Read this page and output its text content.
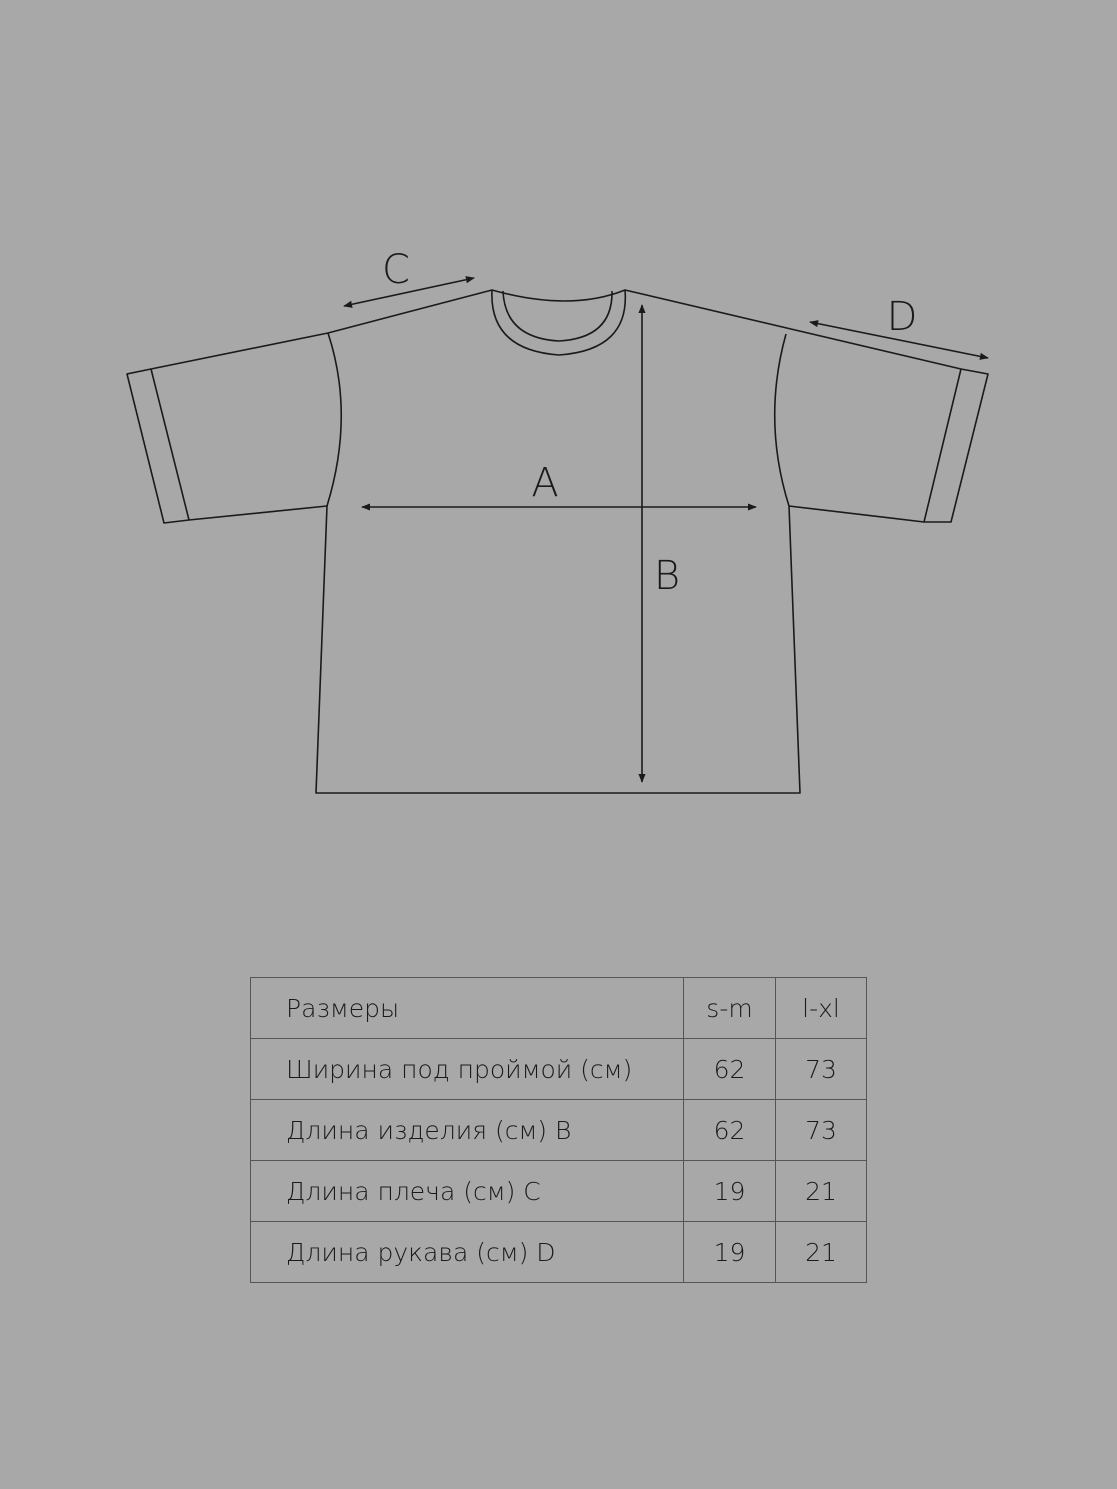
A
B
C
D
Размеры	s-m	l-xl
Ширина под проймой (см)	62	73
Длина изделия (см) B	62	73
Длина плеча (см) C	19	21
Длина рукава (см) D	19	21
